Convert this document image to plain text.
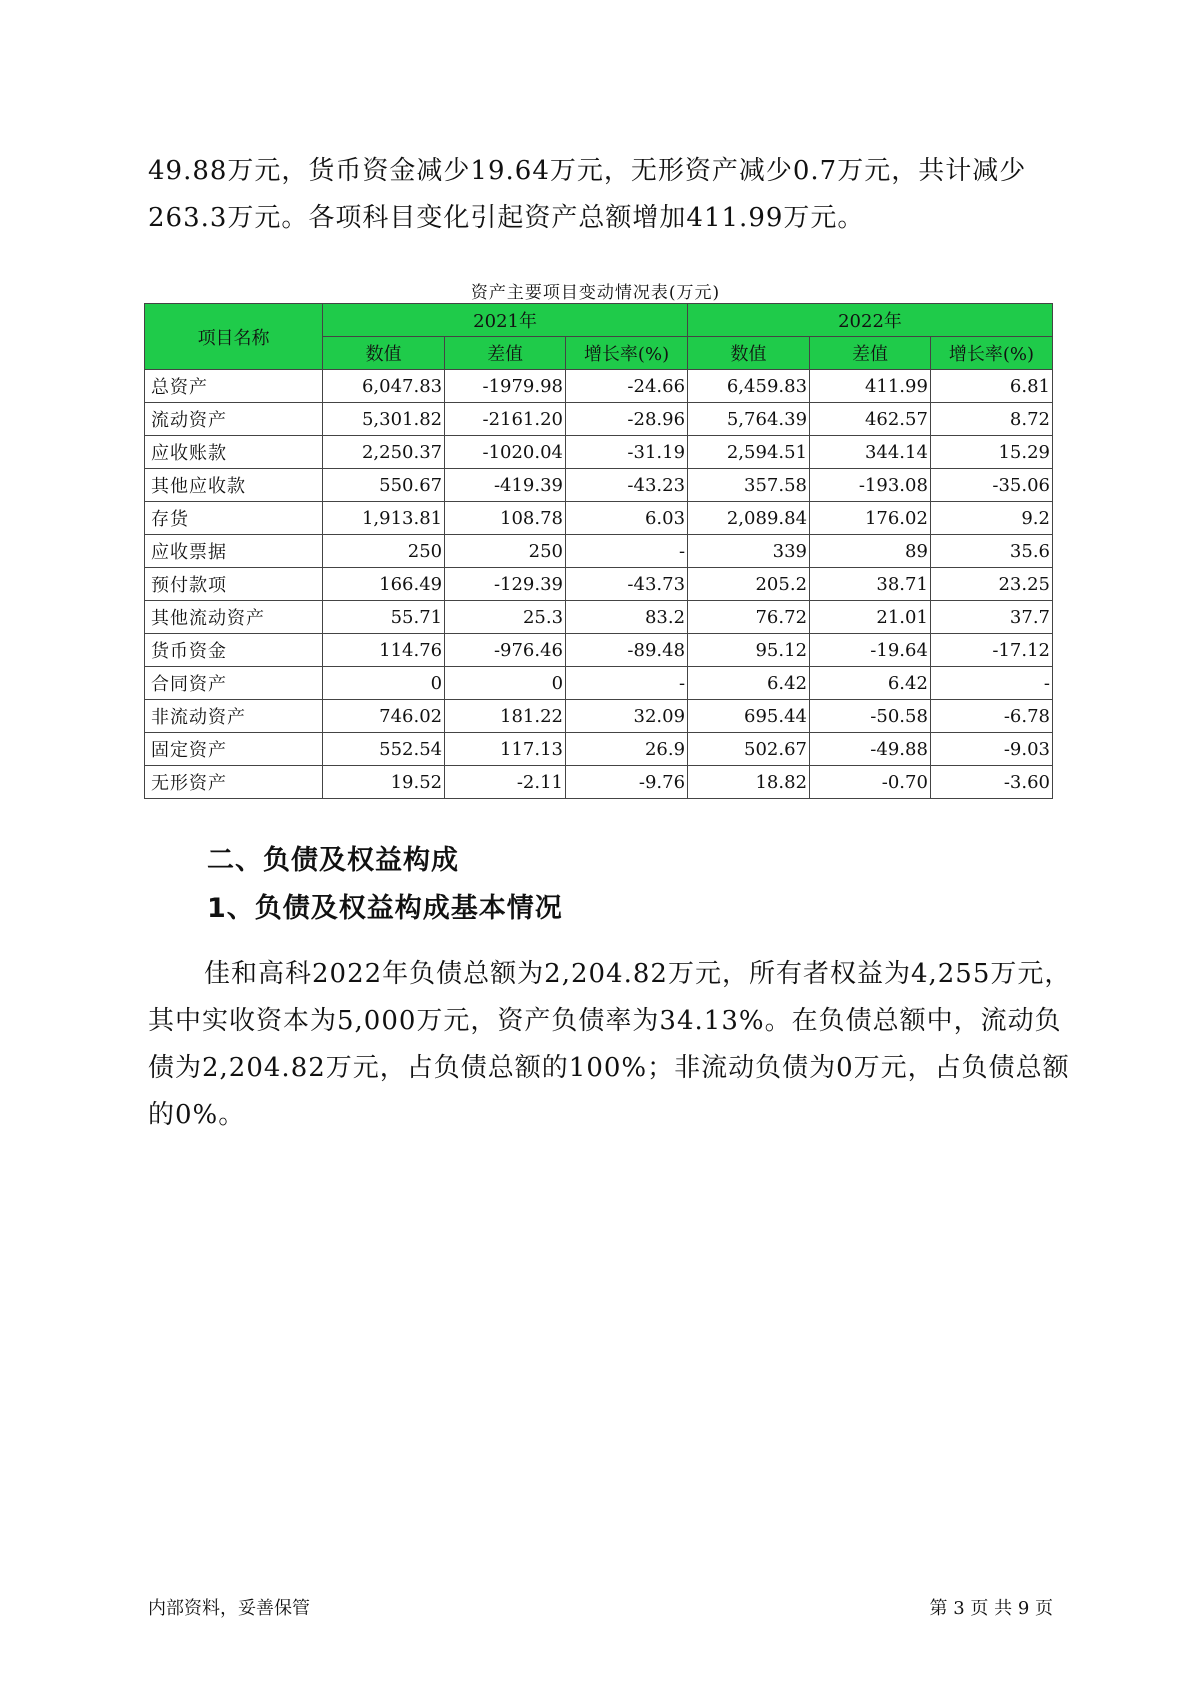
49.88万元，货币资金减少19.64万元，无形资产减少0.7万元，共计减少

263.3万元。各项科目变化引起资产总额增加411.99万元。

资产主要项目变动情况表(万元)
项目名称	2021年			2022年		
	数值	差值	增长率(%)	数值	差值	增长率(%)
总资产	6,047.83	-1979.98	-24.66	6,459.83	411.99	6.81
流动资产	5,301.82	-2161.20	-28.96	5,764.39	462.57	8.72
应收账款	2,250.37	-1020.04	-31.19	2,594.51	344.14	15.29
其他应收款	550.67	-419.39	-43.23	357.58	-193.08	-35.06
存货	1,913.81	108.78	6.03	2,089.84	176.02	9.2
应收票据	250	250	-	339	89	35.6
预付款项	166.49	-129.39	-43.73	205.2	38.71	23.25
其他流动资产	55.71	25.3	83.2	76.72	21.01	37.7
货币资金	114.76	-976.46	-89.48	95.12	-19.64	-17.12
合同资产	0	0	-	6.42	6.42	-
非流动资产	746.02	181.22	32.09	695.44	-50.58	-6.78
固定资产	552.54	117.13	26.9	502.67	-49.88	-9.03
无形资产	19.52	-2.11	-9.76	18.82	-0.70	-3.60
二、负债及权益构成
1、负债及权益构成基本情况

佳和高科2022年负债总额为2,204.82万元，所有者权益为4,255万元，

其中实收资本为5,000万元，资产负债率为34.13%。在负债总额中，流动负

债为2,204.82万元，占负债总额的100%；非流动负债为0万元，占负债总额

的0%。

内部资料，妥善保管	第 3 页 共 9 页
